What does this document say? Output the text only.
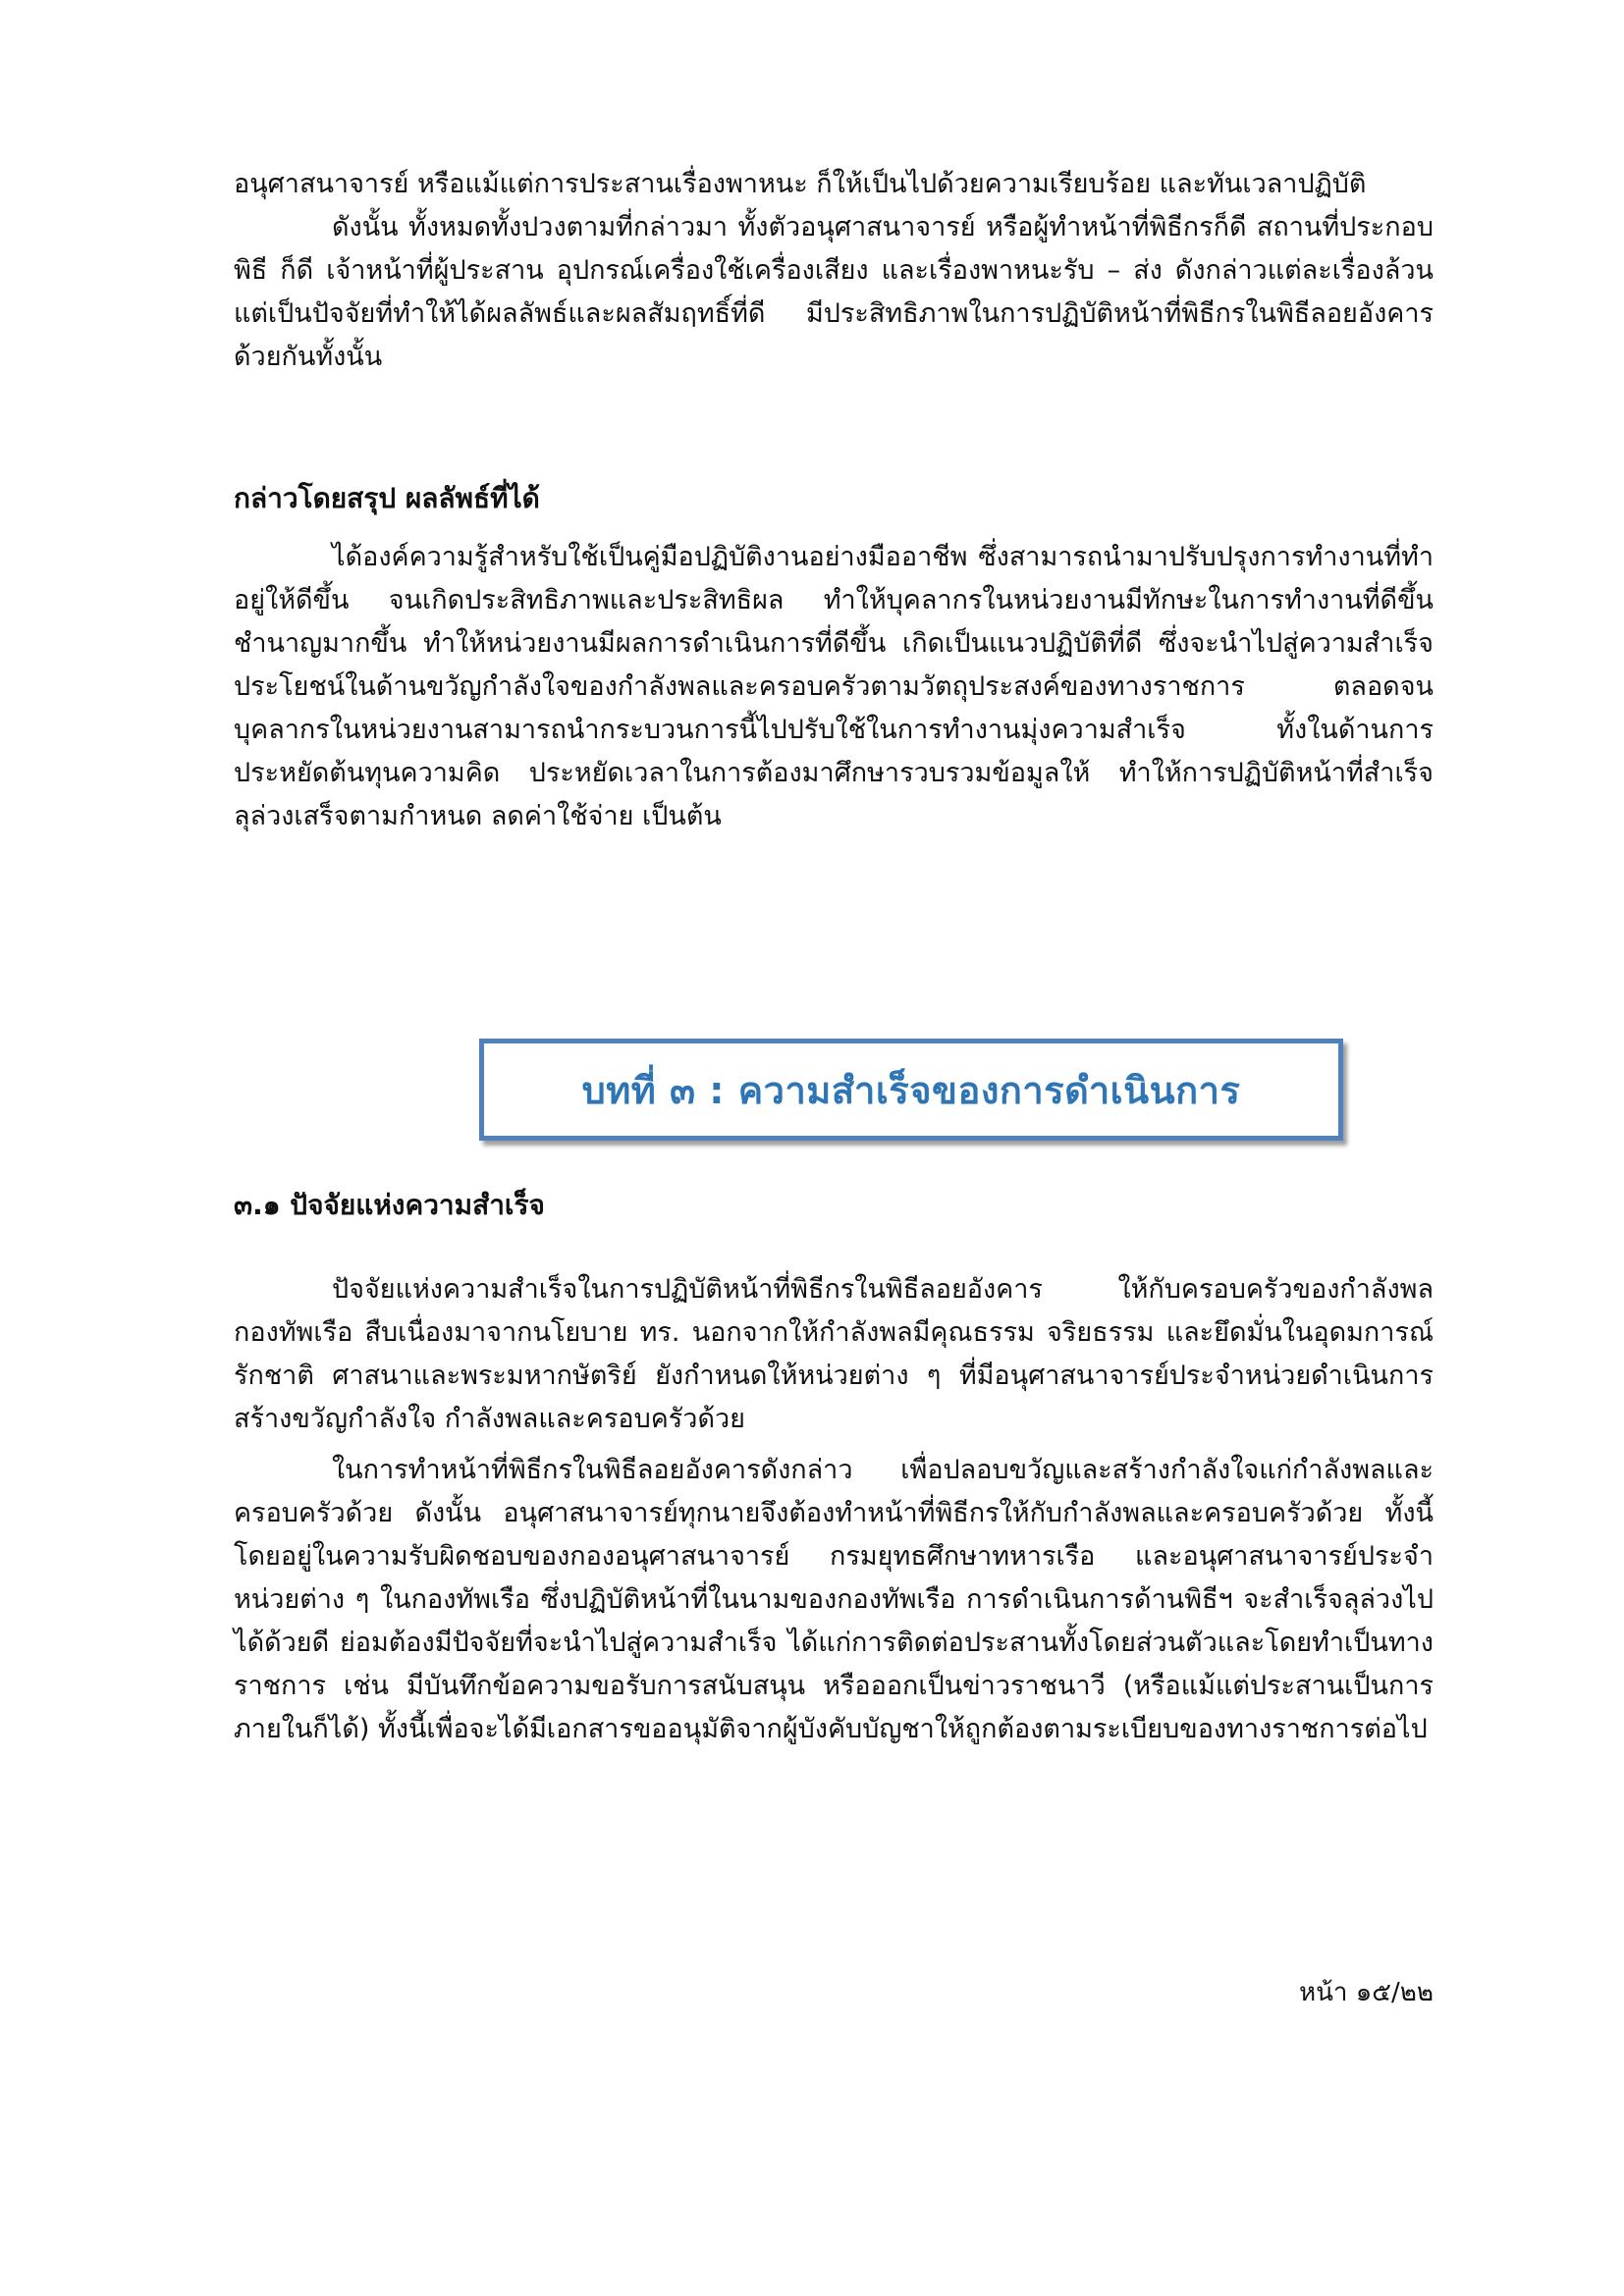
อนุศาสนาจารย์ หรือแม้แต่การประสานเรื่องพาหนะ ก็ให้เป็นไปด้วยความเรียบร้อย และทันเวลาปฏิบัติ

ดังนั้น ทั้งหมดทั้งปวงตามที่กล่าวมา ทั้งตัวอนุศาสนาจารย์ หรือผู้ทำหน้าที่พิธีกรก็ดี สถานที่ประกอบพิธี ก็ดี เจ้าหน้าที่ผู้ประสาน อุปกรณ์เครื่องใช้เครื่องเสียง และเรื่องพาหนะรับ – ส่ง ดังกล่าวแต่ละเรื่องล้วนแต่เป็นปัจจัยที่ทำให้ได้ผลลัพธ์และผลสัมฤทธิ์ที่ดี มีประสิทธิภาพในการปฏิบัติหน้าที่พิธีกรในพิธีลอยอังคารด้วยกันทั้งนั้น

กล่าวโดยสรุป ผลลัพธ์ที่ได้

ได้องค์ความรู้สำหรับใช้เป็นคู่มือปฏิบัติงานอย่างมืออาชีพ ซึ่งสามารถนำมาปรับปรุงการทำงานที่ทำอยู่ให้ดีขึ้น จนเกิดประสิทธิภาพและประสิทธิผล ทำให้บุคลากรในหน่วยงานมีทักษะในการทำงานที่ดีขึ้น ชำนาญมากขึ้น ทำให้หน่วยงานมีผลการดำเนินการที่ดีขึ้น เกิดเป็นแนวปฏิบัติที่ดี ซึ่งจะนำไปสู่ความสำเร็จประโยชน์ในด้านขวัญกำลังใจของกำลังพลและครอบครัวตามวัตถุประสงค์ของทางราชการ ตลอดจนบุคลากรในหน่วยงานสามารถนำกระบวนการนี้ไปปรับใช้ในการทำงานมุ่งความสำเร็จ ทั้งในด้านการประหยัดต้นทุนความคิด ประหยัดเวลาในการต้องมาศึกษารวบรวมข้อมูลให้ ทำให้การปฏิบัติหน้าที่สำเร็จลุล่วงเสร็จตามกำหนด ลดค่าใช้จ่าย เป็นต้น

บทที่ ๓ : ความสำเร็จของการดำเนินการ
๓.๑ ปัจจัยแห่งความสำเร็จ

ปัจจัยแห่งความสำเร็จในการปฏิบัติหน้าที่พิธีกรในพิธีลอยอังคาร ให้กับครอบครัวของกำลังพลกองทัพเรือ สืบเนื่องมาจากนโยบาย ทร. นอกจากให้กำลังพลมีคุณธรรม จริยธรรม และยึดมั่นในอุดมการณ์รักชาติ ศาสนาและพระมหากษัตริย์ ยังกำหนดให้หน่วยต่าง ๆ ที่มีอนุศาสนาจารย์ประจำหน่วยดำเนินการสร้างขวัญกำลังใจ กำลังพลและครอบครัวด้วย

ในการทำหน้าที่พิธีกรในพิธีลอยอังคารดังกล่าว เพื่อปลอบขวัญและสร้างกำลังใจแก่กำลังพลและครอบครัวด้วย ดังนั้น อนุศาสนาจารย์ทุกนายจึงต้องทำหน้าที่พิธีกรให้กับกำลังพลและครอบครัวด้วย ทั้งนี้โดยอยู่ในความรับผิดชอบของกองอนุศาสนาจารย์ กรมยุทธศึกษาทหารเรือ และอนุศาสนาจารย์ประจำหน่วยต่าง ๆ ในกองทัพเรือ ซึ่งปฏิบัติหน้าที่ในนามของกองทัพเรือ การดำเนินการด้านพิธีฯ จะสำเร็จลุล่วงไปได้ด้วยดี ย่อมต้องมีปัจจัยที่จะนำไปสู่ความสำเร็จ ได้แก่การติดต่อประสานทั้งโดยส่วนตัวและโดยทำเป็นทางราชการ เช่น มีบันทึกข้อความขอรับการสนับสนุน หรือออกเป็นข่าวราชนาวี (หรือแม้แต่ประสานเป็นการภายในก็ได้) ทั้งนี้เพื่อจะได้มีเอกสารขออนุมัติจากผู้บังคับบัญชาให้ถูกต้องตามระเบียบของทางราชการต่อไป

หน้า ๑๕/๒๒
